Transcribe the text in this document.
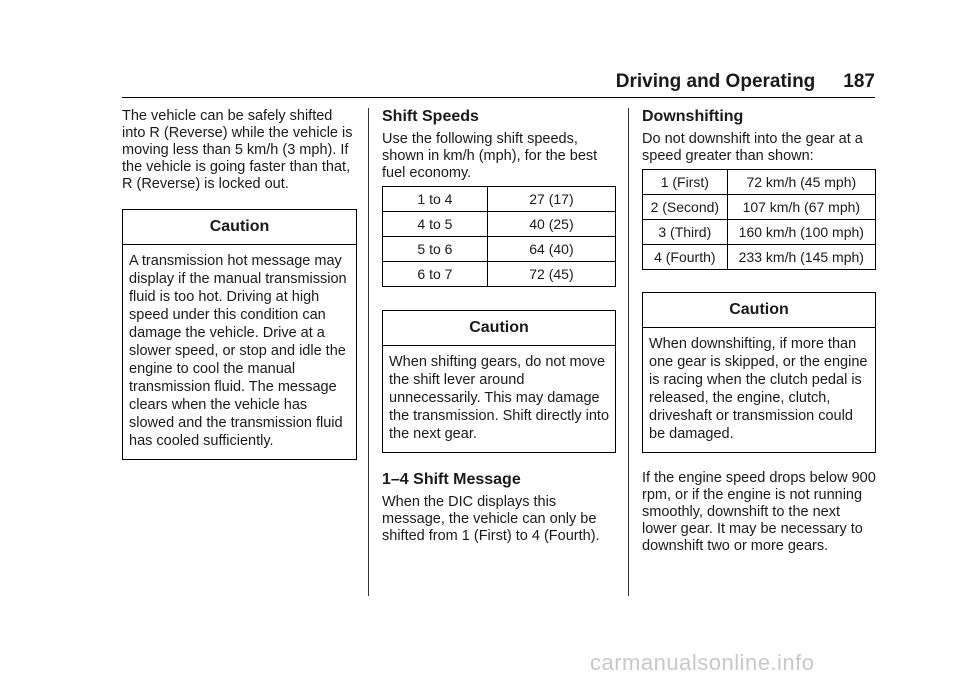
Driving and Operating 187

The vehicle can be safely shifted into R (Reverse) while the vehicle is moving less than 5 km/h (3 mph). If the vehicle is going faster than that, R (Reverse) is locked out.

Caution
A transmission hot message may display if the manual transmission fluid is too hot. Driving at high speed under this condition can damage the vehicle. Drive at a slower speed, or stop and idle the engine to cool the manual transmission fluid. The message clears when the vehicle has slowed and the transmission fluid has cooled sufficiently.
Shift Speeds

Use the following shift speeds, shown in km/h (mph), for the best fuel economy.

1 to 4	27 (17)
4 to 5	40 (25)
5 to 6	64 (40)
6 to 7	72 (45)
Caution
When shifting gears, do not move the shift lever around unnecessarily. This may damage the transmission. Shift directly into the next gear.
1–4 Shift Message

When the DIC displays this message, the vehicle can only be shifted from 1 (First) to 4 (Fourth).

Downshifting

Do not downshift into the gear at a speed greater than shown:

1 (First)	72 km/h (45 mph)
2 (Second)	107 km/h (67 mph)
3 (Third)	160 km/h (100 mph)
4 (Fourth)	233 km/h (145 mph)
Caution
When downshifting, if more than one gear is skipped, or the engine is racing when the clutch pedal is released, the engine, clutch, driveshaft or transmission could be damaged.

If the engine speed drops below 900 rpm, or if the engine is not running smoothly, downshift to the next lower gear. It may be necessary to downshift two or more gears.

carmanualsonline.info
